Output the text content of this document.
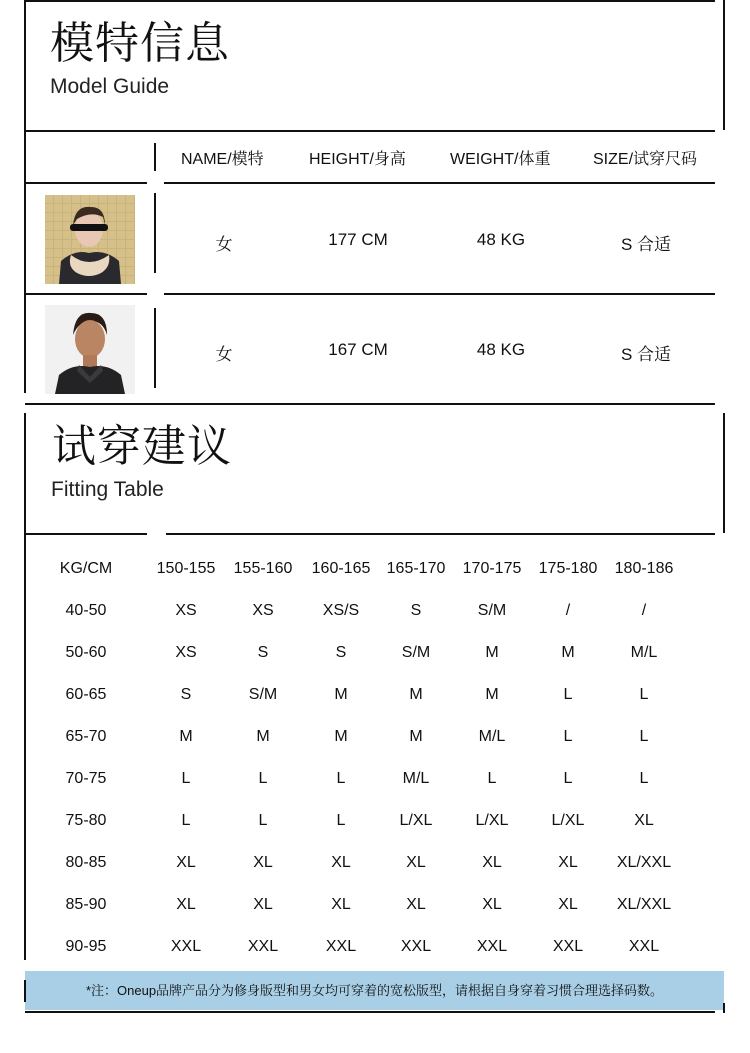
模特信息
Model Guide
NAME/模特	HEIGHT/身高	WEIGHT/体重	SIZE/试穿尺码
女	177 CM	48 KG	S 合适
女	167 CM	48 KG	S 合适
试穿建议
Fitting Table
KG/CM		150-155	155-160	160-165	165-170	170-175	175-180	180-186
40-50		XS	XS	XS/S	S	S/M	/	/
50-60		XS	S	S	S/M	M	M	M/L
60-65		S	S/M	M	M	M	L	L
65-70		M	M	M	M	M/L	L	L
70-75		L	L	L	M/L	L	L	L
75-80		L	L	L	L/XL	L/XL	L/XL	XL
80-85		XL	XL	XL	XL	XL	XL	XL/XXL
85-90		XL	XL	XL	XL	XL	XL	XL/XXL
90-95		XXL	XXL	XXL	XXL	XXL	XXL	XXL
*注：Oneup品牌产品分为修身版型和男女均可穿着的宽松版型，请根据自身穿着习惯合理选择码数。
